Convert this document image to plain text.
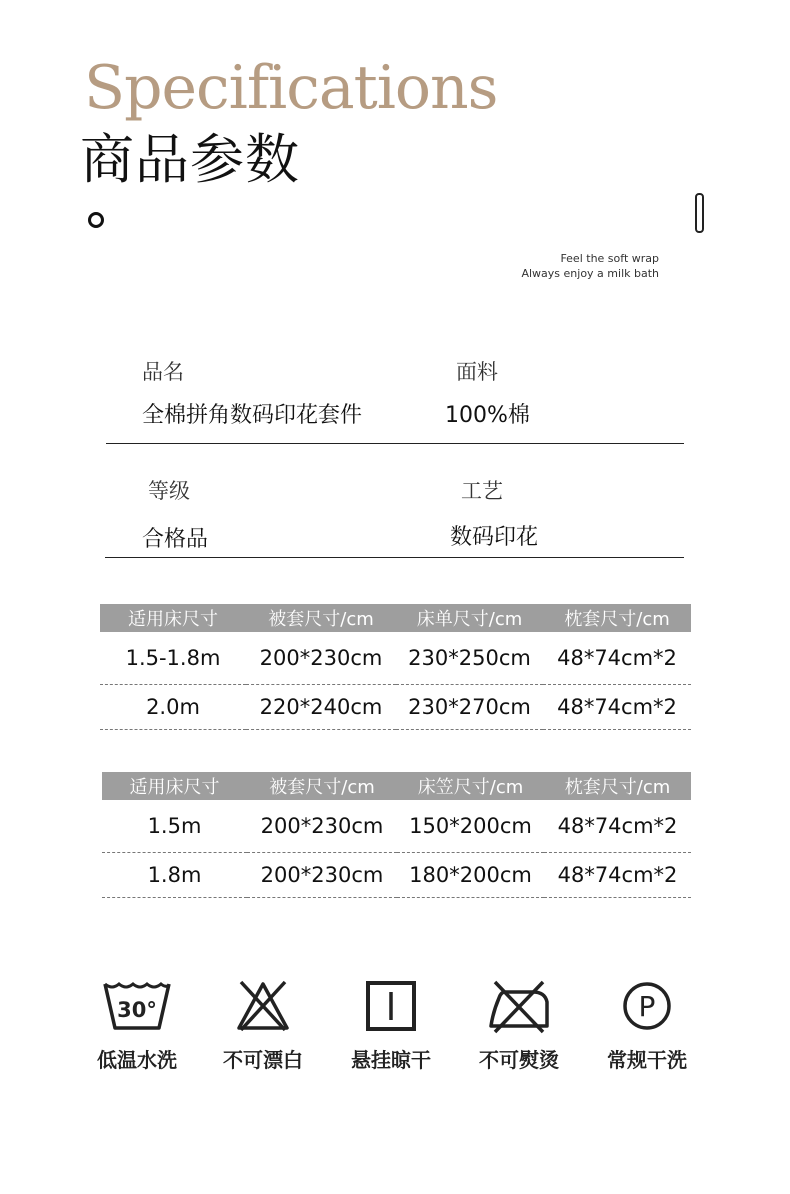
Specifications
商品参数
Feel the soft wrap
Always enjoy a milk bath
品名	面料
全棉拼角数码印花套件	100%棉
等级	工艺
合格品	数码印花
适用床尺寸	被套尺寸/cm	床单尺寸/cm	枕套尺寸/cm
1.5-1.8m	200*230cm	230*250cm	48*74cm*2
2.0m	220*240cm	230*270cm	48*74cm*2
适用床尺寸	被套尺寸/cm	床笠尺寸/cm	枕套尺寸/cm
1.5m	200*230cm	150*200cm	48*74cm*2
1.8m	200*230cm	180*200cm	48*74cm*2
30°
低温水洗	不可漂白	悬挂晾干	不可熨烫
P
常规干洗
